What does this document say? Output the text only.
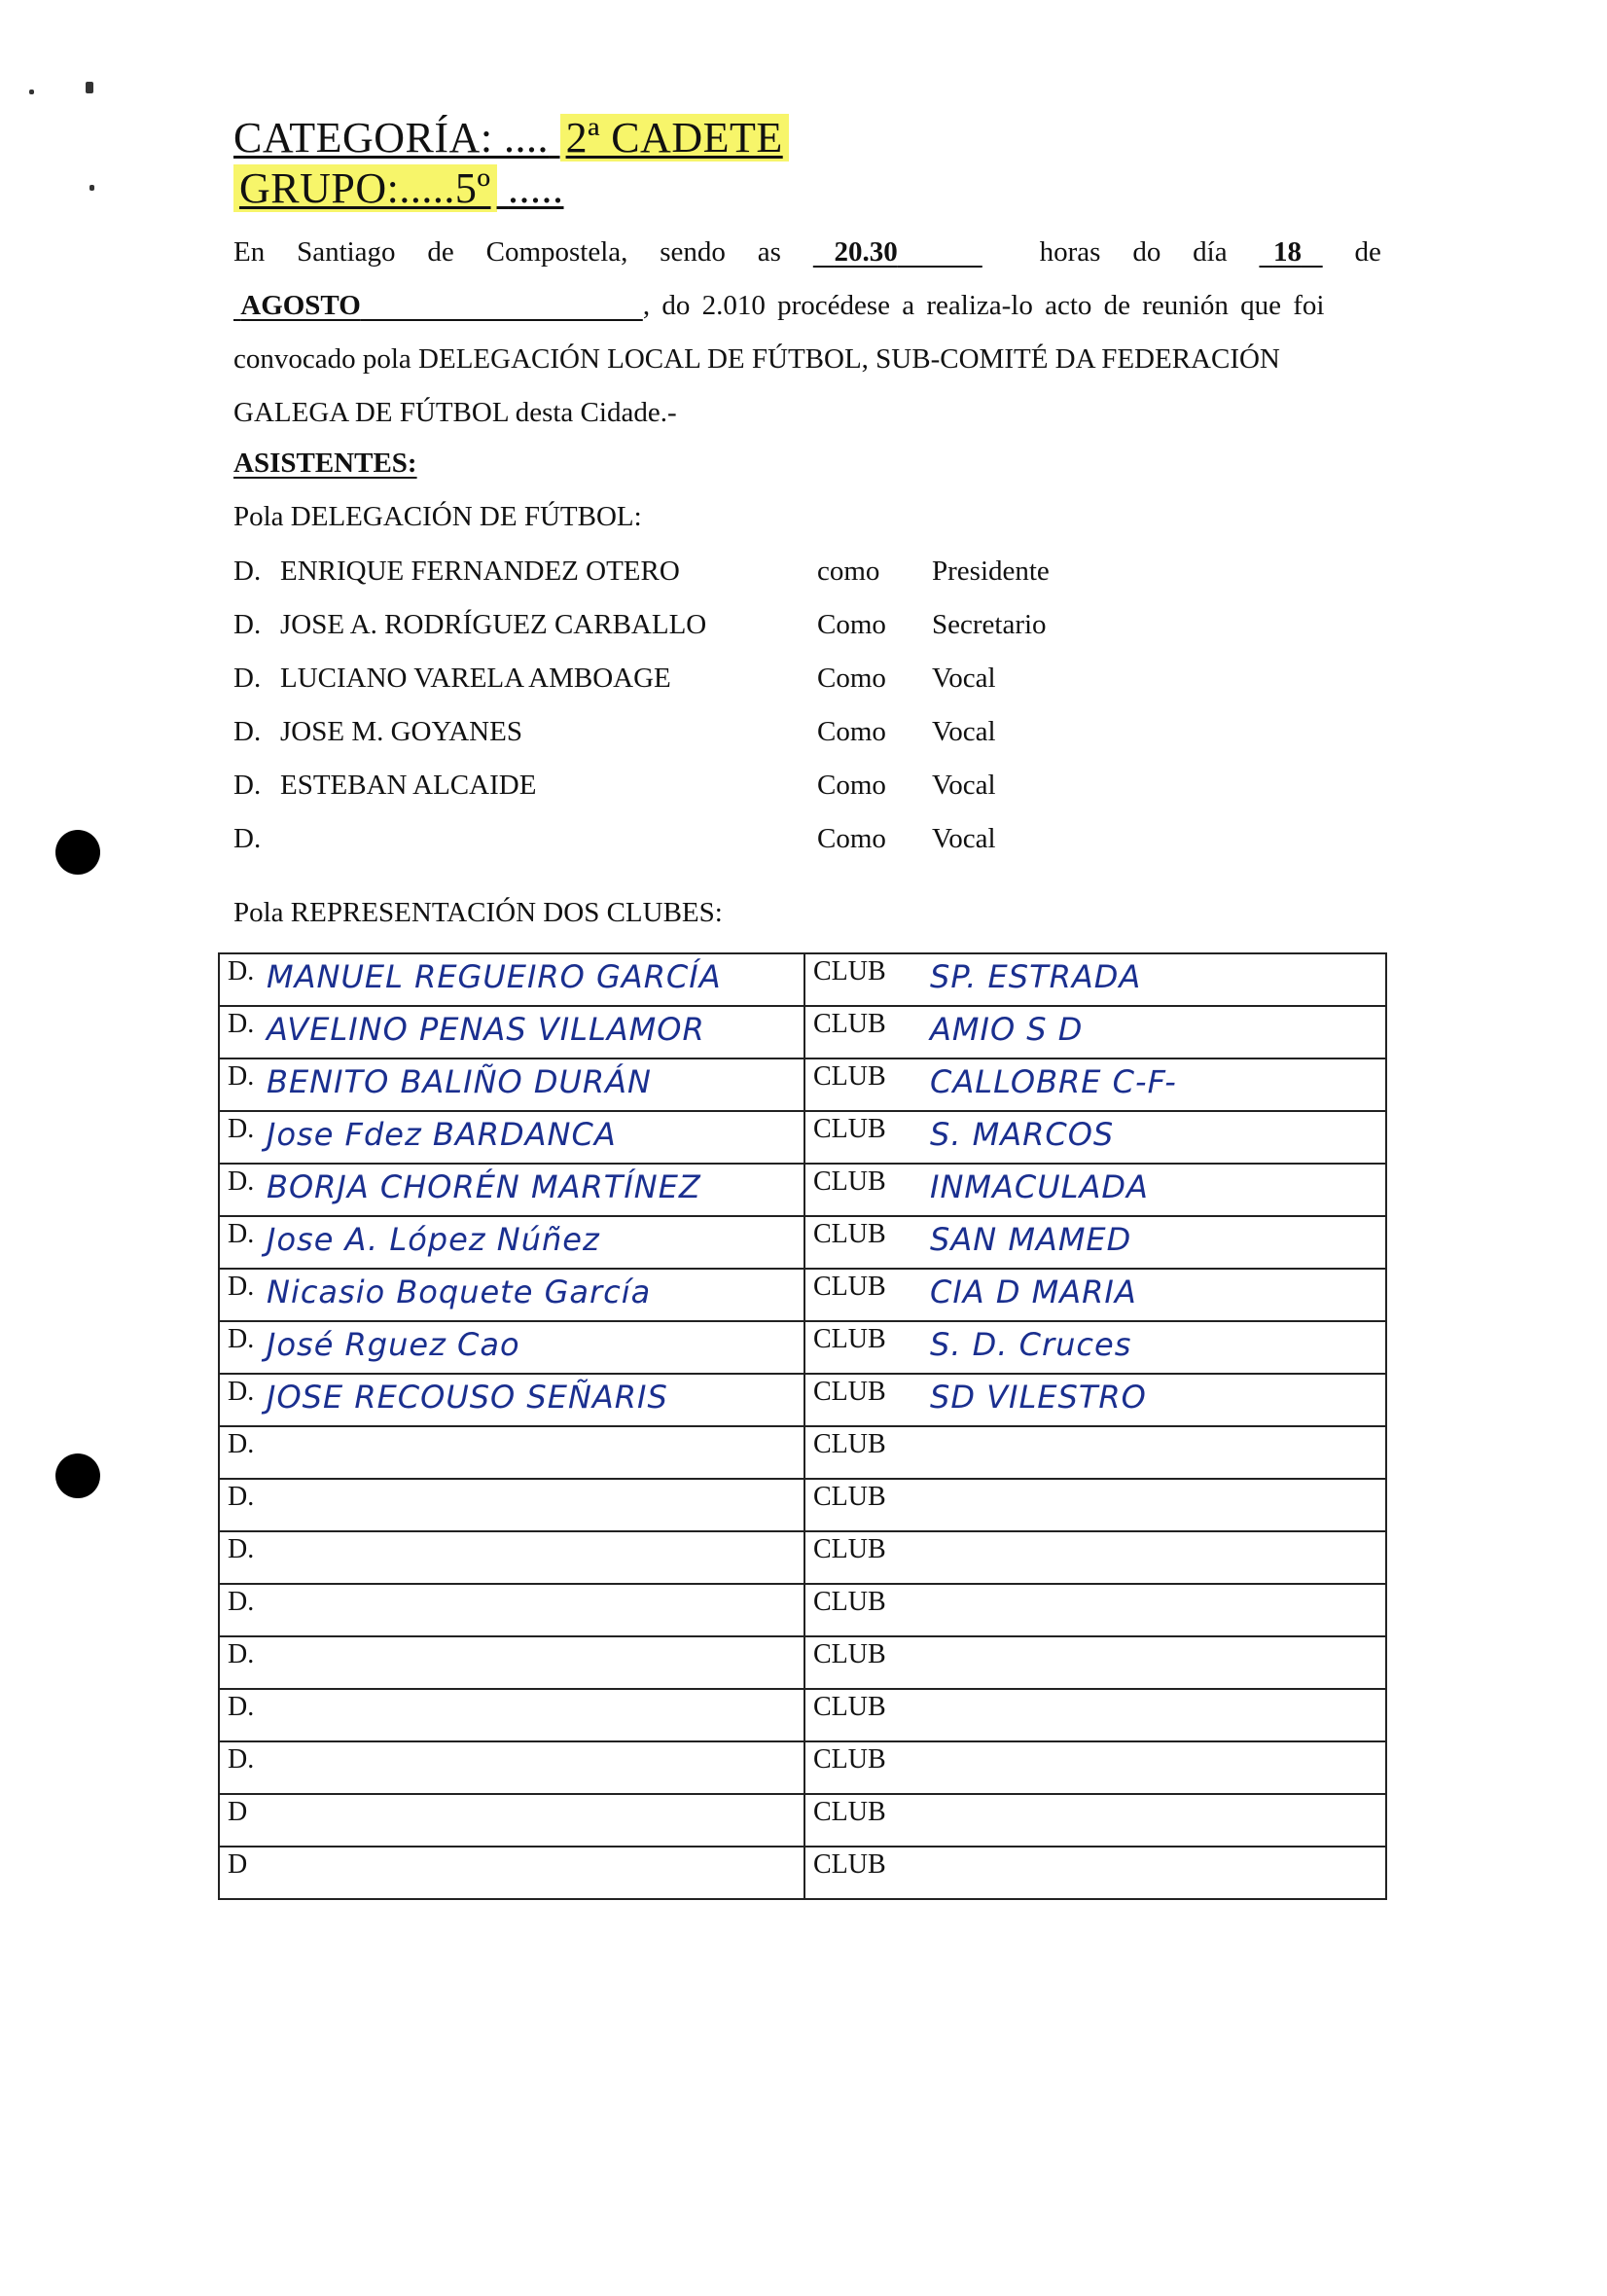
CATEGORÍA: .... 2ª CADETE
GRUPO:.....5º .....
En Santiago de Compostela, sendo as	20.30	horas do día	18	de
AGOSTO	, do 2.010 procédese a realiza-lo acto de reunión que foi
convocado pola DELEGACIÓN LOCAL DE FÚTBOL, SUB-COMITÉ DA FEDERACIÓN
GALEGA DE FÚTBOL desta Cidade.-
ASISTENTES:
Pola DELEGACIÓN DE FÚTBOL:
D. ENRIQUE FERNANDEZ OTERO	como Presidente
D. JOSE A. RODRÍGUEZ CARBALLO	Como Secretario
D. LUCIANO VARELA AMBOAGE	Como Vocal
D. JOSE M. GOYANES	Como Vocal
D. ESTEBAN ALCAIDE	Como Vocal
D.	Como Vocal
Pola REPRESENTACIÓN DOS CLUBES:
D. MANUEL REGUEIRO GARCÍA	CLUB SP. ESTRADA

D. AVELINO PENAS VILLAMOR	CLUB AMIO S D

D. BENITO BALIÑO DURÁN	CLUB CALLOBRE C-F-

D. Jose Fdez BARDANCA	CLUB S. MARCOS

D. BORJA CHORÉN MARTÍNEZ	CLUB INMACULADA

D. Jose A. López Núñez	CLUB SAN MAMED

D. Nicasio Boquete García	CLUB CIA D MARIA

D. José Rguez Cao	CLUB S. D. Cruces

D. JOSE RECOUSO SEÑARIS	CLUB SD VILESTRO

D.	CLUB

D.	CLUB

D.	CLUB

D.	CLUB

D.	CLUB

D.	CLUB

D.	CLUB

D	CLUB

D	CLUB
